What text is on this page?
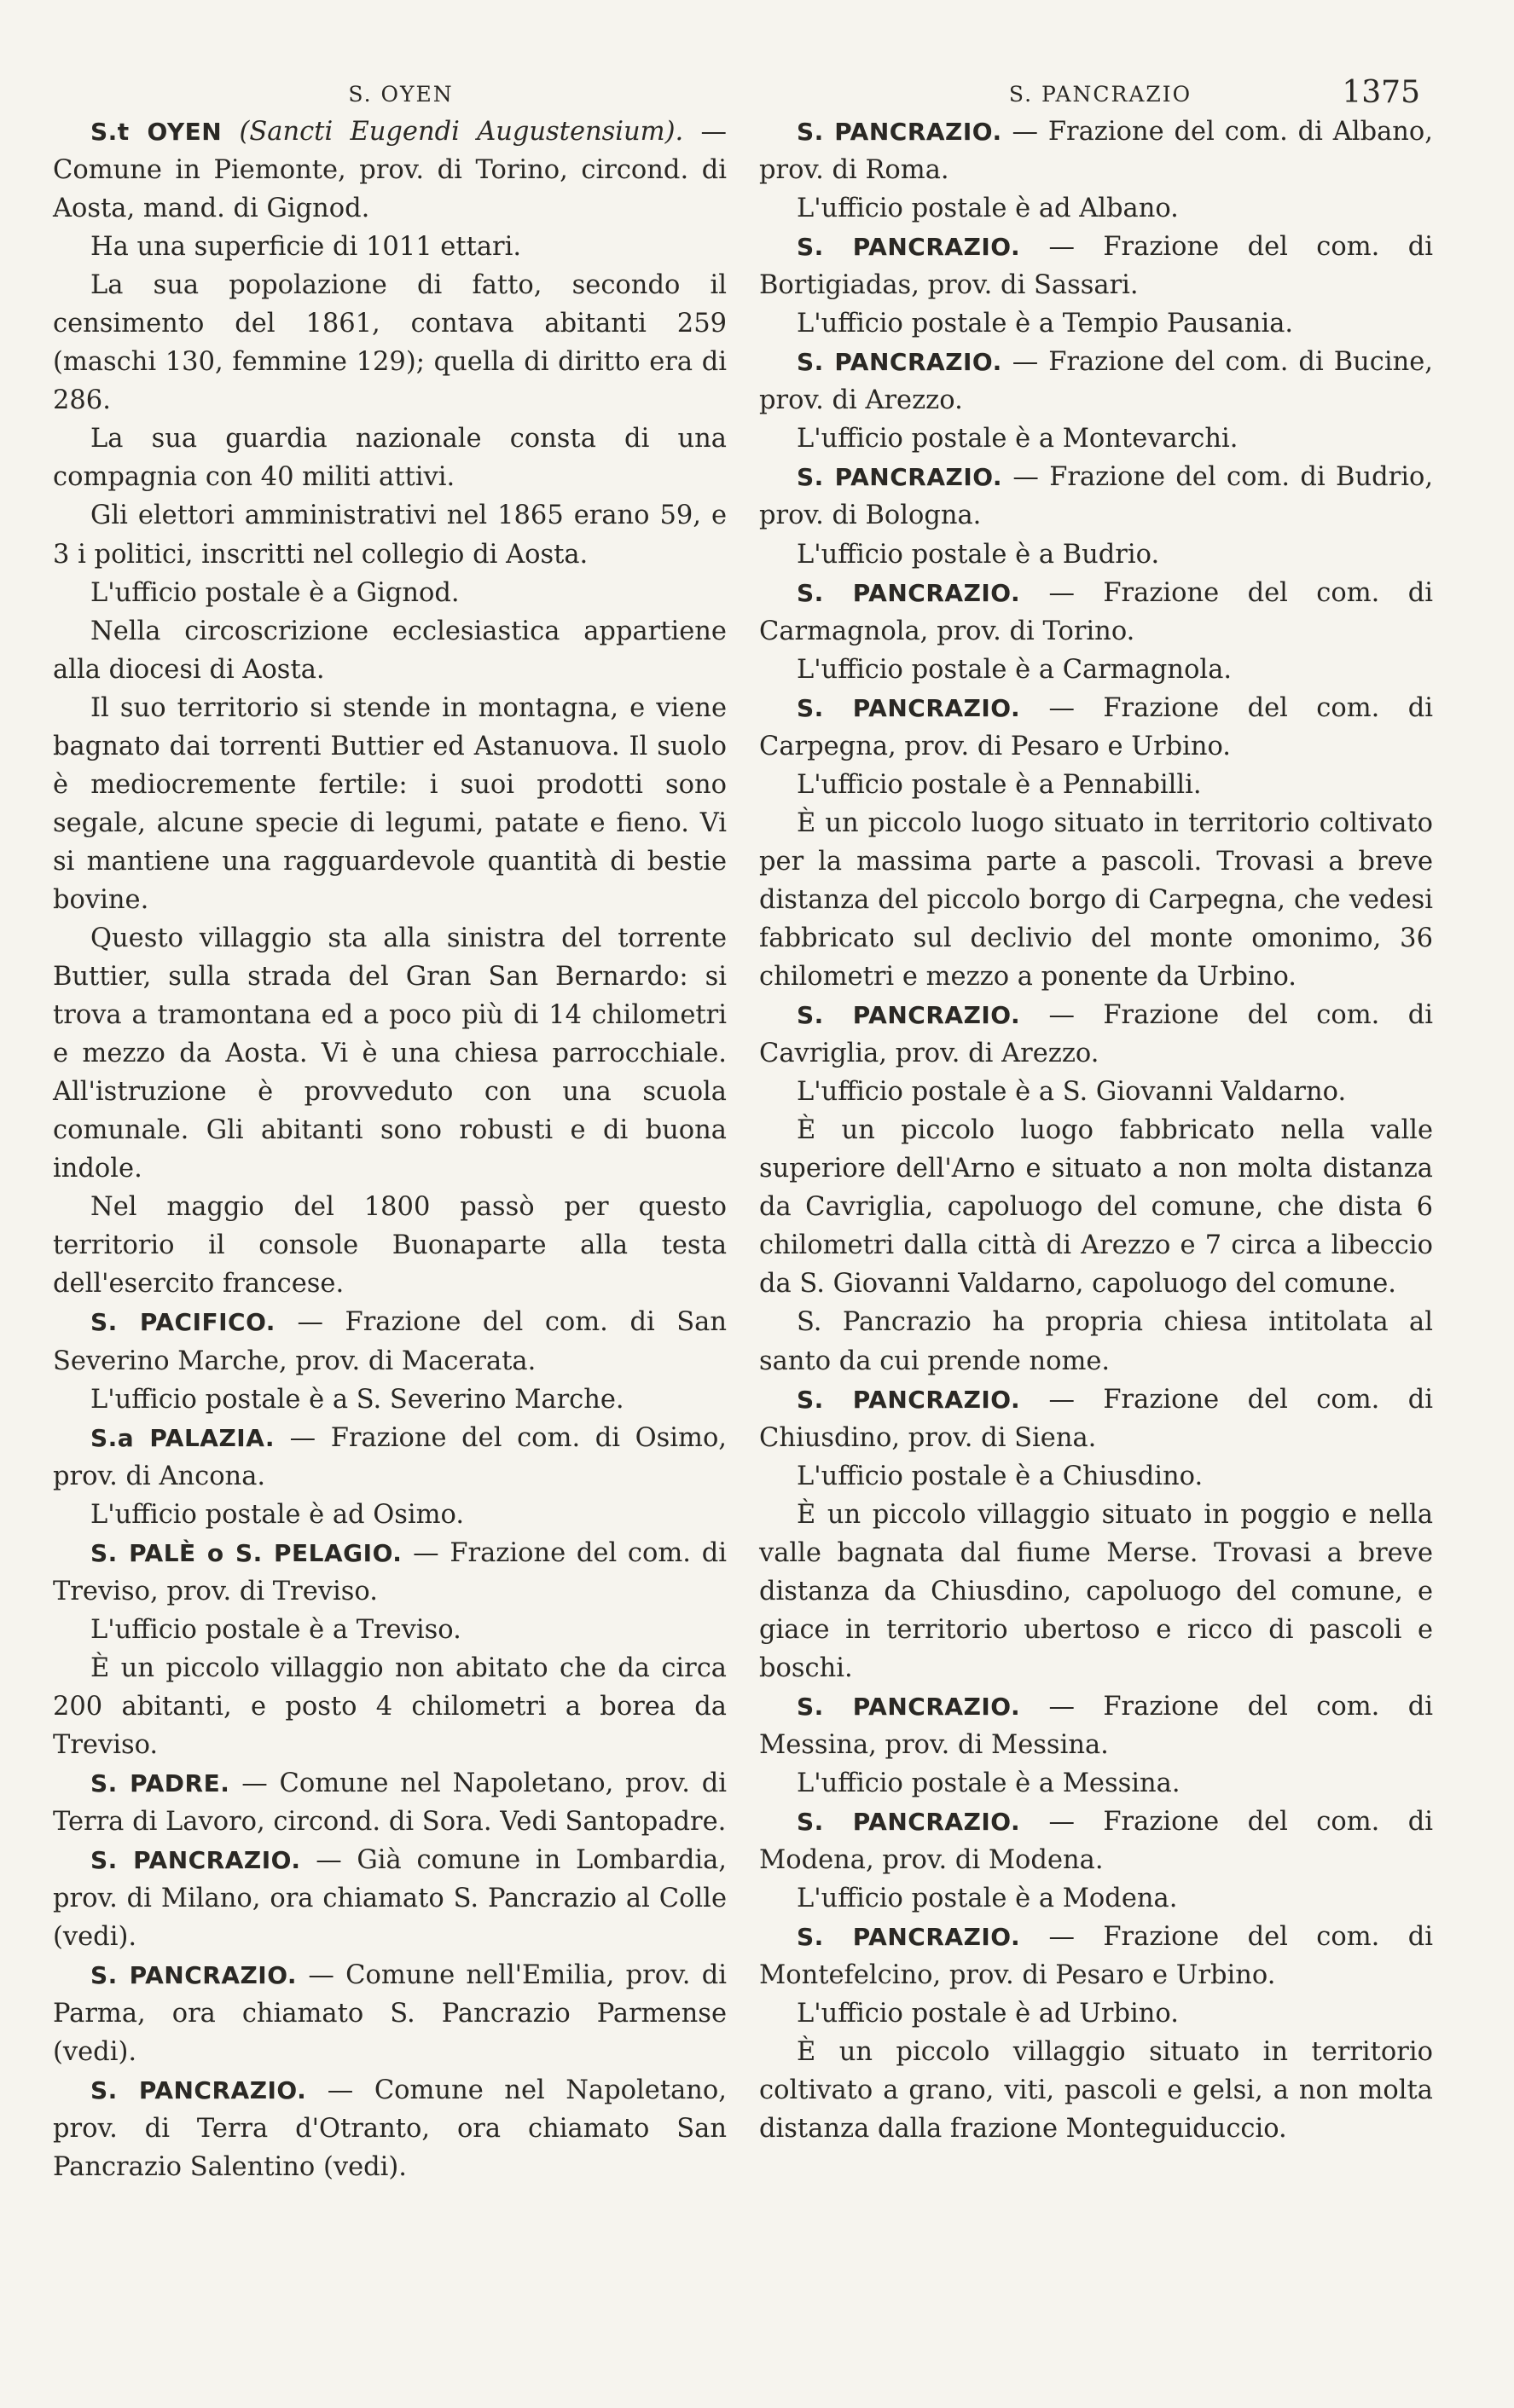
S. OYEN	S. PANCRAZIO	1375

S.t OYEN (Sancti Eugendi Augustensium). — Comune in Piemonte, prov. di Torino, circond. di Aosta, mand. di Gignod.

Ha una superficie di 1011 ettari.

La sua popolazione di fatto, secondo il censimento del 1861, contava abitanti 259 (maschi 130, femmine 129); quella di diritto era di 286.

La sua guardia nazionale consta di una compagnia con 40 militi attivi.

Gli elettori amministrativi nel 1865 erano 59, e 3 i politici, inscritti nel collegio di Aosta.

L'ufficio postale è a Gignod.

Nella circoscrizione ecclesiastica appartiene alla diocesi di Aosta.

Il suo territorio si stende in montagna, e viene bagnato dai torrenti Buttier ed Astanuova. Il suolo è mediocremente fertile: i suoi prodotti sono segale, alcune specie di legumi, patate e fieno. Vi si mantiene una ragguardevole quantità di bestie bovine.

Questo villaggio sta alla sinistra del torrente Buttier, sulla strada del Gran San Bernardo: si trova a tramontana ed a poco più di 14 chilometri e mezzo da Aosta. Vi è una chiesa parrocchiale. All'istruzione è provveduto con una scuola comunale. Gli abitanti sono robusti e di buona indole.

Nel maggio del 1800 passò per questo territorio il console Buonaparte alla testa dell'esercito francese.

S. PACIFICO. — Frazione del com. di San Severino Marche, prov. di Macerata.

L'ufficio postale è a S. Severino Marche.

S.a PALAZIA. — Frazione del com. di Osimo, prov. di Ancona.

L'ufficio postale è ad Osimo.

S. PALÈ o S. PELAGIO. — Frazione del com. di Treviso, prov. di Treviso.

L'ufficio postale è a Treviso.

È un piccolo villaggio non abitato che da circa 200 abitanti, e posto 4 chilometri a borea da Treviso.

S. PADRE. — Comune nel Napoletano, prov. di Terra di Lavoro, circond. di Sora. Vedi Santopadre.

S. PANCRAZIO. — Già comune in Lombardia, prov. di Milano, ora chiamato S. Pancrazio al Colle (vedi).

S. PANCRAZIO. — Comune nell'Emilia, prov. di Parma, ora chiamato S. Pancrazio Parmense (vedi).

S. PANCRAZIO. — Comune nel Napoletano, prov. di Terra d'Otranto, ora chiamato San Pancrazio Salentino (vedi).

S. PANCRAZIO. — Frazione del com. di Albano, prov. di Roma.

L'ufficio postale è ad Albano.

S. PANCRAZIO. — Frazione del com. di Bortigiadas, prov. di Sassari.

L'ufficio postale è a Tempio Pausania.

S. PANCRAZIO. — Frazione del com. di Bucine, prov. di Arezzo.

L'ufficio postale è a Montevarchi.

S. PANCRAZIO. — Frazione del com. di Budrio, prov. di Bologna.

L'ufficio postale è a Budrio.

S. PANCRAZIO. — Frazione del com. di Carmagnola, prov. di Torino.

L'ufficio postale è a Carmagnola.

S. PANCRAZIO. — Frazione del com. di Carpegna, prov. di Pesaro e Urbino.

L'ufficio postale è a Pennabilli.

È un piccolo luogo situato in territorio coltivato per la massima parte a pascoli. Trovasi a breve distanza del piccolo borgo di Carpegna, che vedesi fabbricato sul declivio del monte omonimo, 36 chilometri e mezzo a ponente da Urbino.

S. PANCRAZIO. — Frazione del com. di Cavriglia, prov. di Arezzo.

L'ufficio postale è a S. Giovanni Valdarno.

È un piccolo luogo fabbricato nella valle superiore dell'Arno e situato a non molta distanza da Cavriglia, capoluogo del comune, che dista 6 chilometri dalla città di Arezzo e 7 circa a libeccio da S. Giovanni Valdarno, capoluogo del comune.

S. Pancrazio ha propria chiesa intitolata al santo da cui prende nome.

S. PANCRAZIO. — Frazione del com. di Chiusdino, prov. di Siena.

L'ufficio postale è a Chiusdino.

È un piccolo villaggio situato in poggio e nella valle bagnata dal fiume Merse. Trovasi a breve distanza da Chiusdino, capoluogo del comune, e giace in territorio ubertoso e ricco di pascoli e boschi.

S. PANCRAZIO. — Frazione del com. di Messina, prov. di Messina.

L'ufficio postale è a Messina.

S. PANCRAZIO. — Frazione del com. di Modena, prov. di Modena.

L'ufficio postale è a Modena.

S. PANCRAZIO. — Frazione del com. di Montefelcino, prov. di Pesaro e Urbino.

L'ufficio postale è ad Urbino.

È un piccolo villaggio situato in territorio coltivato a grano, viti, pascoli e gelsi, a non molta distanza dalla frazione Monteguiduccio.
